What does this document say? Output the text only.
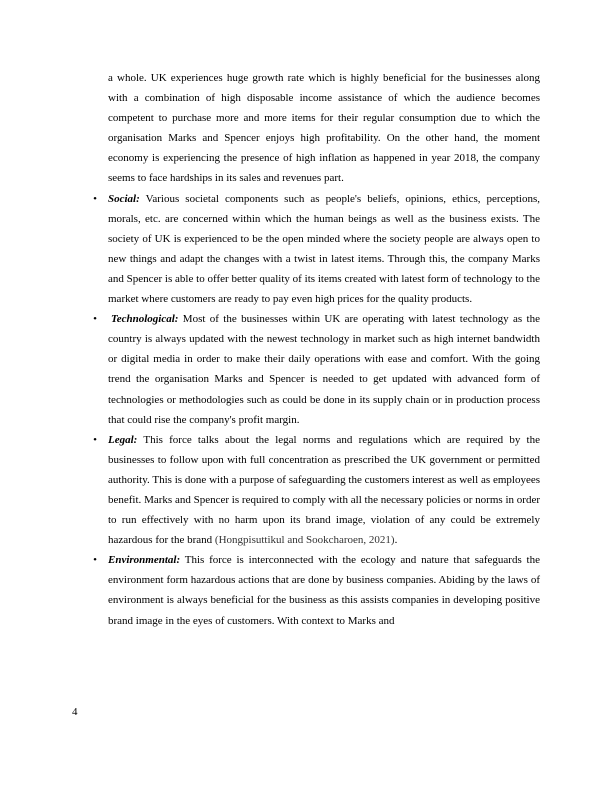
a whole. UK experiences huge growth rate which is highly beneficial for the businesses along with a combination of high disposable income assistance of which the audience becomes competent to purchase more and more items for their regular consumption due to which the organisation Marks and Spencer enjoys high profitability. On the other hand, the moment economy is experiencing the presence of high inflation as happened in year 2018, the company seems to face hardships in its sales and revenues part.

• Social: Various societal components such as people's beliefs, opinions, ethics, perceptions, morals, etc. are concerned within which the human beings as well as the business exists. The society of UK is experienced to be the open minded where the society people are always open to new things and adapt the changes with a twist in latest items. Through this, the company Marks and Spencer is able to offer better quality of its items created with latest form of technology to the market where customers are ready to pay even high prices for the quality products.
• Technological: Most of the businesses within UK are operating with latest technology as the country is always updated with the newest technology in market such as high internet bandwidth or digital media in order to make their daily operations with ease and comfort. With the going trend the organisation Marks and Spencer is needed to get updated with advanced form of technologies or methodologies such as could be done in its supply chain or in production process that could rise the company's profit margin.
• Legal: This force talks about the legal norms and regulations which are required by the businesses to follow upon with full concentration as prescribed the UK government or permitted authority. This is done with a purpose of safeguarding the customers interest as well as employees benefit. Marks and Spencer is required to comply with all the necessary policies or norms in order to run effectively with no harm upon its brand image, violation of any could be extremely hazardous for the brand (Hongpisuttikul and Sookcharoen, 2021).
• Environmental: This force is interconnected with the ecology and nature that safeguards the environment form hazardous actions that are done by business companies. Abiding by the laws of environment is always beneficial for the business as this assists companies in developing positive brand image in the eyes of customers. With context to Marks and
4
